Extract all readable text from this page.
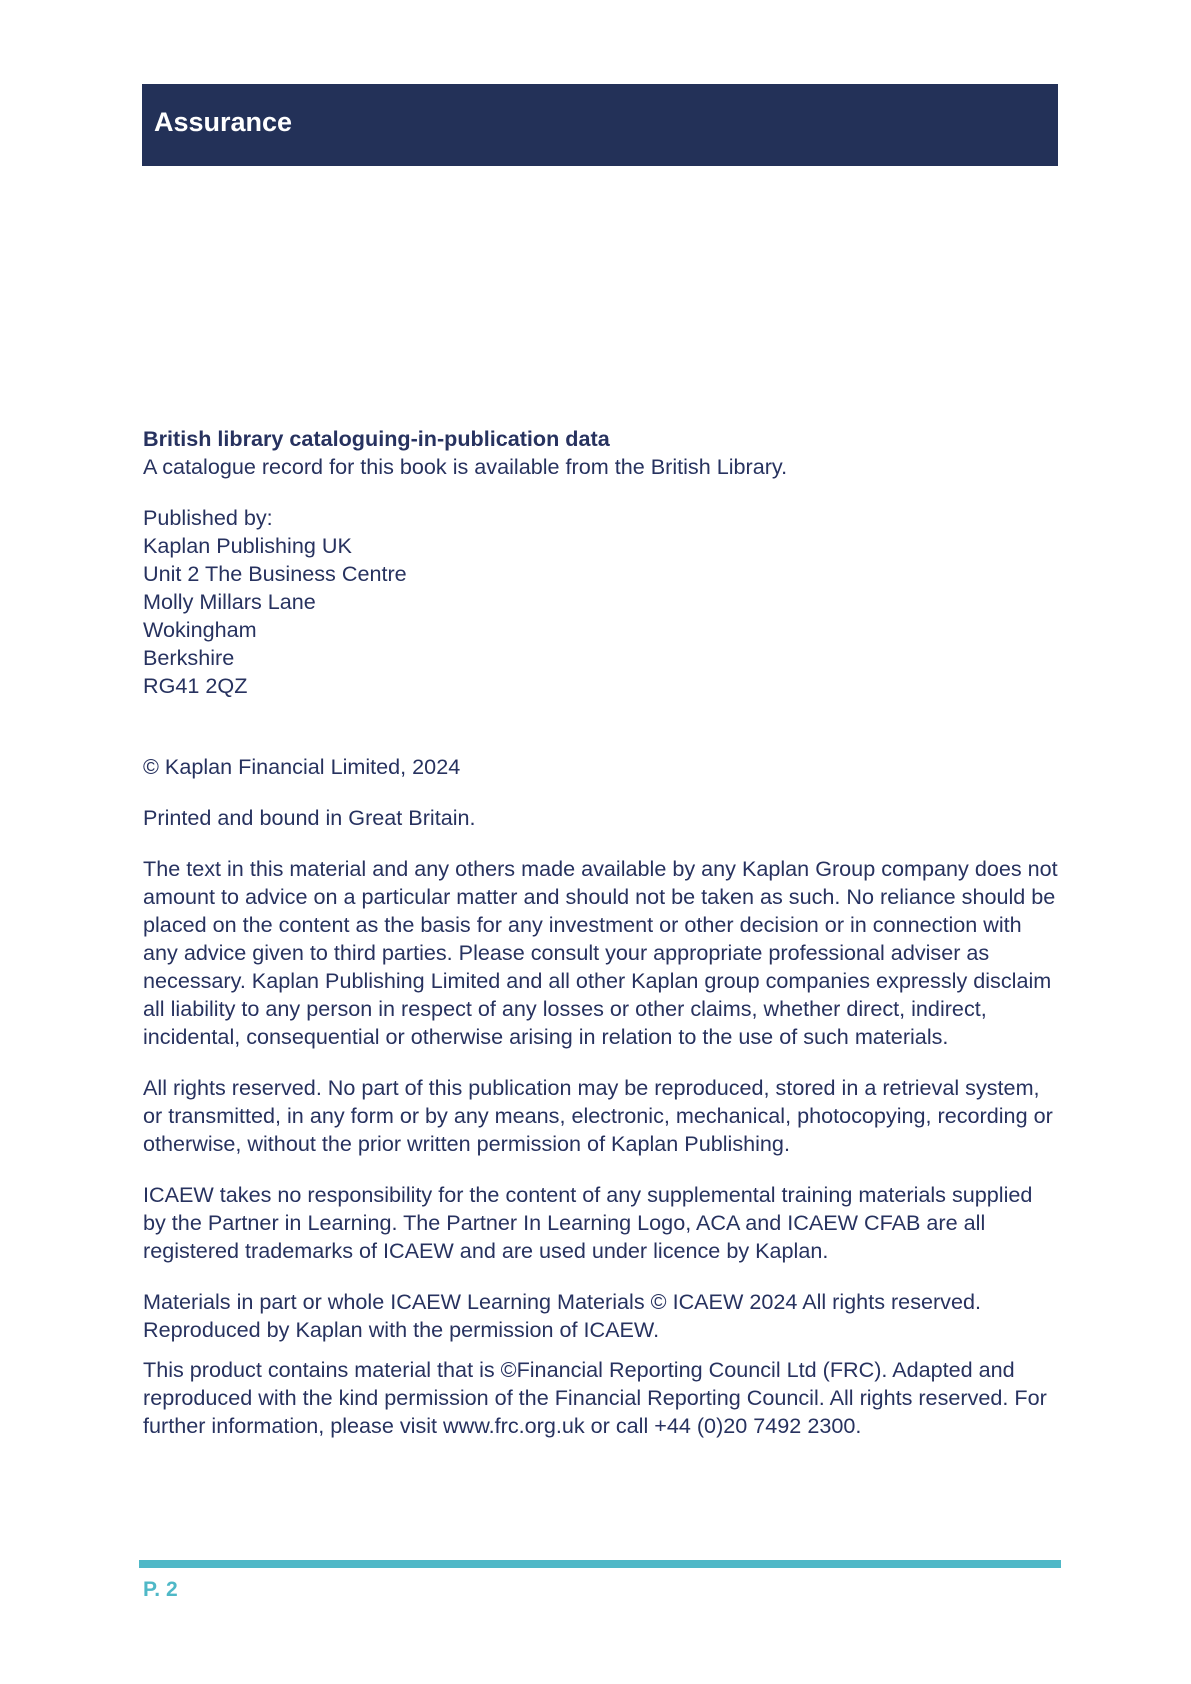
Assurance

British library cataloguing-in-publication data

A catalogue record for this book is available from the British Library.

Published by:
Kaplan Publishing UK
Unit 2 The Business Centre
Molly Millars Lane
Wokingham
Berkshire
RG41 2QZ

© Kaplan Financial Limited, 2024

Printed and bound in Great Britain.

The text in this material and any others made available by any Kaplan Group company does not amount to advice on a particular matter and should not be taken as such. No reliance should be placed on the content as the basis for any investment or other decision or in connection with any advice given to third parties. Please consult your appropriate professional adviser as necessary. Kaplan Publishing Limited and all other Kaplan group companies expressly disclaim all liability to any person in respect of any losses or other claims, whether direct, indirect, incidental, consequential or otherwise arising in relation to the use of such materials.

All rights reserved. No part of this publication may be reproduced, stored in a retrieval system, or transmitted, in any form or by any means, electronic, mechanical, photocopying, recording or otherwise, without the prior written permission of Kaplan Publishing.

ICAEW takes no responsibility for the content of any supplemental training materials supplied by the Partner in Learning. The Partner In Learning Logo, ACA and ICAEW CFAB are all registered trademarks of ICAEW and are used under licence by Kaplan.

Materials in part or whole ICAEW Learning Materials © ICAEW 2024 All rights reserved. Reproduced by Kaplan with the permission of ICAEW.

This product contains material that is ©Financial Reporting Council Ltd (FRC). Adapted and reproduced with the kind permission of the Financial Reporting Council. All rights reserved. For further information, please visit www.frc.org.uk or call +44 (0)20 7492 2300.

P. 2
